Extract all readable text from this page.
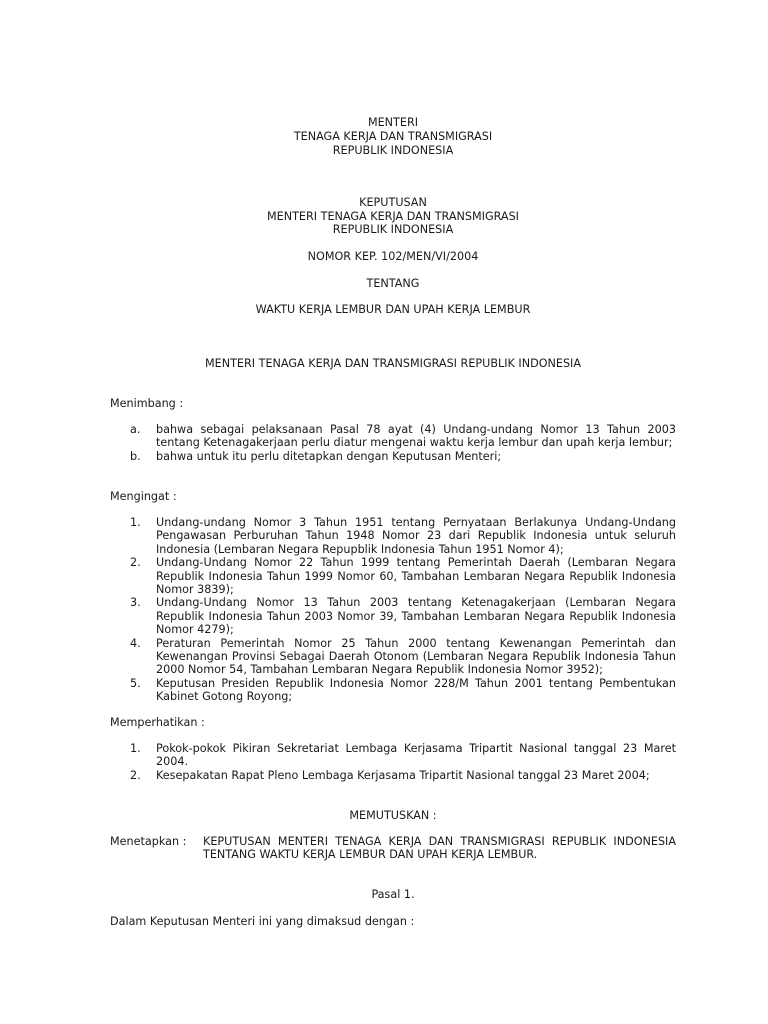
MENTERI
TENAGA KERJA DAN TRANSMIGRASI
REPUBLIK INDONESIA
KEPUTUSAN
MENTERI TENAGA KERJA DAN TRANSMIGRASI
REPUBLIK INDONESIA
NOMOR KEP. 102/MEN/VI/2004
TENTANG
WAKTU KERJA LEMBUR DAN UPAH KERJA LEMBUR
MENTERI TENAGA KERJA DAN TRANSMIGRASI REPUBLIK INDONESIA
Menimbang :
a. bahwa sebagai pelaksanaan Pasal 78 ayat (4) Undang-undang Nomor 13 Tahun 2003 tentang Ketenagakerjaan perlu diatur mengenai waktu kerja lembur dan upah kerja lembur;
b. bahwa untuk itu perlu ditetapkan dengan Keputusan Menteri;
Mengingat :
1. Undang-undang Nomor 3 Tahun 1951 tentang Pernyataan Berlakunya Undang-Undang Pengawasan Perburuhan Tahun 1948 Nomor 23 dari Republik Indonesia untuk seluruh Indonesia (Lembaran Negara Repupblik Indonesia Tahun 1951 Nomor 4);
2. Undang-Undang Nomor 22 Tahun 1999 tentang Pemerintah Daerah (Lembaran Negara Republik Indonesia Tahun 1999 Nomor 60, Tambahan Lembaran Negara Republik Indonesia Nomor 3839);
3. Undang-Undang Nomor 13 Tahun 2003 tentang Ketenagakerjaan (Lembaran Negara Republik Indonesia Tahun 2003 Nomor 39, Tambahan Lembaran Negara Republik Indonesia Nomor 4279);
4. Peraturan Pemerintah Nomor 25 Tahun 2000 tentang Kewenangan Pemerintah dan Kewenangan Provinsi Sebagai Daerah Otonom (Lembaran Negara Republik Indonesia Tahun 2000 Nomor 54, Tambahan Lembaran Negara Republik Indonesia Nomor 3952);
5. Keputusan Presiden Republik Indonesia Nomor 228/M Tahun 2001 tentang Pembentukan Kabinet Gotong Royong;
Memperhatikan :
1. Pokok-pokok Pikiran Sekretariat Lembaga Kerjasama Tripartit Nasional tanggal 23 Maret 2004.
2. Kesepakatan Rapat Pleno Lembaga Kerjasama Tripartit Nasional tanggal 23 Maret 2004;
MEMUTUSKAN :
Menetapkan : KEPUTUSAN MENTERI TENAGA KERJA DAN TRANSMIGRASI REPUBLIK INDONESIA TENTANG WAKTU KERJA LEMBUR DAN UPAH KERJA LEMBUR.
Pasal 1.
Dalam Keputusan Menteri ini yang dimaksud dengan :
